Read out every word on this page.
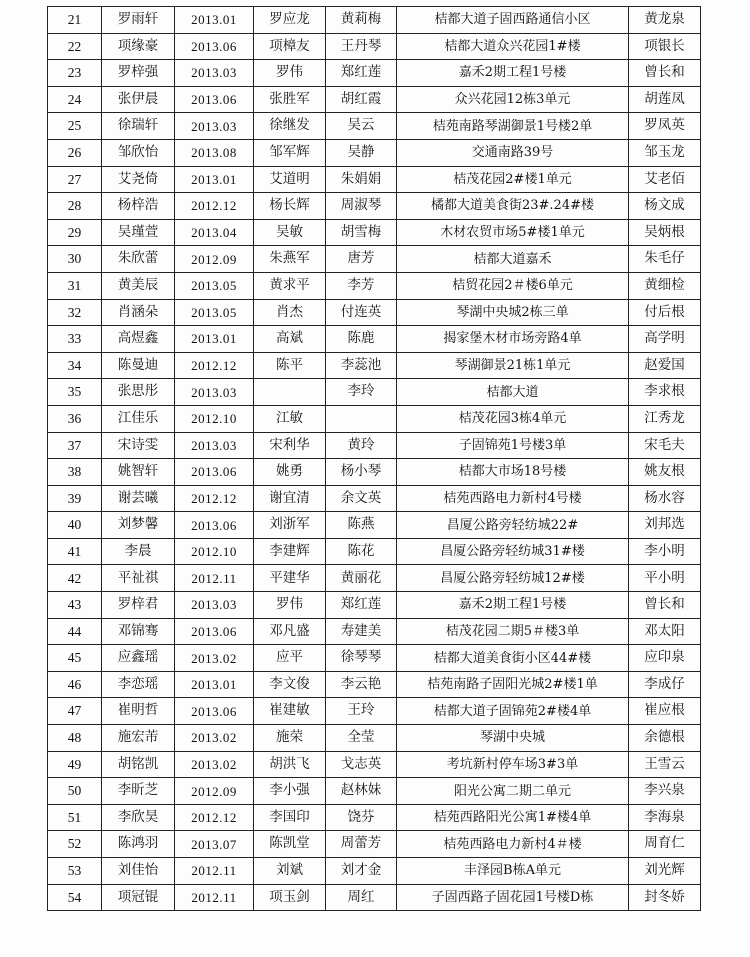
21	罗雨轩	2013.01	罗应龙	黄莉梅	桔都大道子固西路通信小区	黄龙泉
22	项缘豪	2013.06	项樟友	王丹琴	桔都大道众兴花园1#楼	项银长
23	罗梓强	2013.03	罗伟	郑红莲	嘉禾2期工程1号楼	曾长和
24	张伊晨	2013.06	张胜军	胡红霞	众兴花园12栋3单元	胡莲凤
25	徐瑞轩	2013.03	徐继发	吴云	桔苑南路琴湖御景1号楼2单	罗凤英
26	邹欣怡	2013.08	邹军辉	吴静	交通南路39号	邹玉龙
27	艾尧倚	2013.01	艾道明	朱娟娟	桔茂花园2#楼1单元	艾老佰
28	杨梓浩	2012.12	杨长辉	周淑琴	橘都大道美食街23#.24#楼	杨文成
29	吴瑾萱	2013.04	吴敏	胡雪梅	木材农贸市场5#楼1单元	吴炳根
30	朱欣蕾	2012.09	朱燕军	唐芳	桔都大道嘉禾	朱毛仔
31	黄美辰	2013.05	黄求平	李芳	桔贸花园2＃楼6单元	黄细检
32	肖涵朵	2013.05	肖杰	付连英	琴湖中央城2栋三单	付后根
33	高煜鑫	2013.01	高斌	陈鹿	揭家堡木材市场旁路4单	高学明
34	陈曼迪	2012.12	陈平	李蕊池	琴湖御景21栋1单元	赵爱国
35	张思彤	2013.03		李玲	桔都大道	李求根
36	江佳乐	2012.10	江敏		桔茂花园3栋4单元	江秀龙
37	宋诗雯	2013.03	宋利华	黄玲	子固锦苑1号楼3单	宋毛夫
38	姚智轩	2013.06	姚勇	杨小琴	桔都大市场18号楼	姚友根
39	谢芸曦	2012.12	谢宜清	余文英	桔苑西路电力新村4号楼	杨水容
40	刘梦馨	2013.06	刘浙军	陈燕	昌厦公路旁轻纺城22#	刘邦选
41	李晨	2012.10	李建辉	陈花	昌厦公路旁轻纺城31#楼	李小明
42	平祉祺	2012.11	平建华	黄丽花	昌厦公路旁轻纺城12#楼	平小明
43	罗梓君	2013.03	罗伟	郑红莲	嘉禾2期工程1号楼	曾长和
44	邓锦骞	2013.06	邓凡盛	寿建美	桔茂花园二期5＃楼3单	邓太阳
45	应鑫瑶	2013.02	应平	徐琴琴	桔都大道美食街小区44#楼	应印泉
46	李恋瑶	2013.01	李文俊	李云艳	桔苑南路子固阳光城2#楼1单	李成仔
47	崔明哲	2013.06	崔建敏	王玲	桔都大道子固锦苑2#楼4单	崔应根
48	施宏芾	2013.02	施荣	全莹	琴湖中央城	余德根
49	胡铭凯	2013.02	胡洪飞	戈志英	考坑新村停车场3#3单	王雪云
50	李昕芝	2012.09	李小强	赵林妹	阳光公寓二期二单元	李兴泉
51	李欣昊	2012.12	李国印	饶芬	桔苑西路阳光公寓1#楼4单	李海泉
52	陈鸿羽	2013.07	陈凯堂	周蕾芳	桔苑西路电力新村4＃楼	周育仁
53	刘佳怡	2012.11	刘斌	刘才金	丰泽园B栋A单元	刘光辉
54	项冠锟	2012.11	项玉剑	周红	子固西路子固花园1号楼D栋	封冬娇
